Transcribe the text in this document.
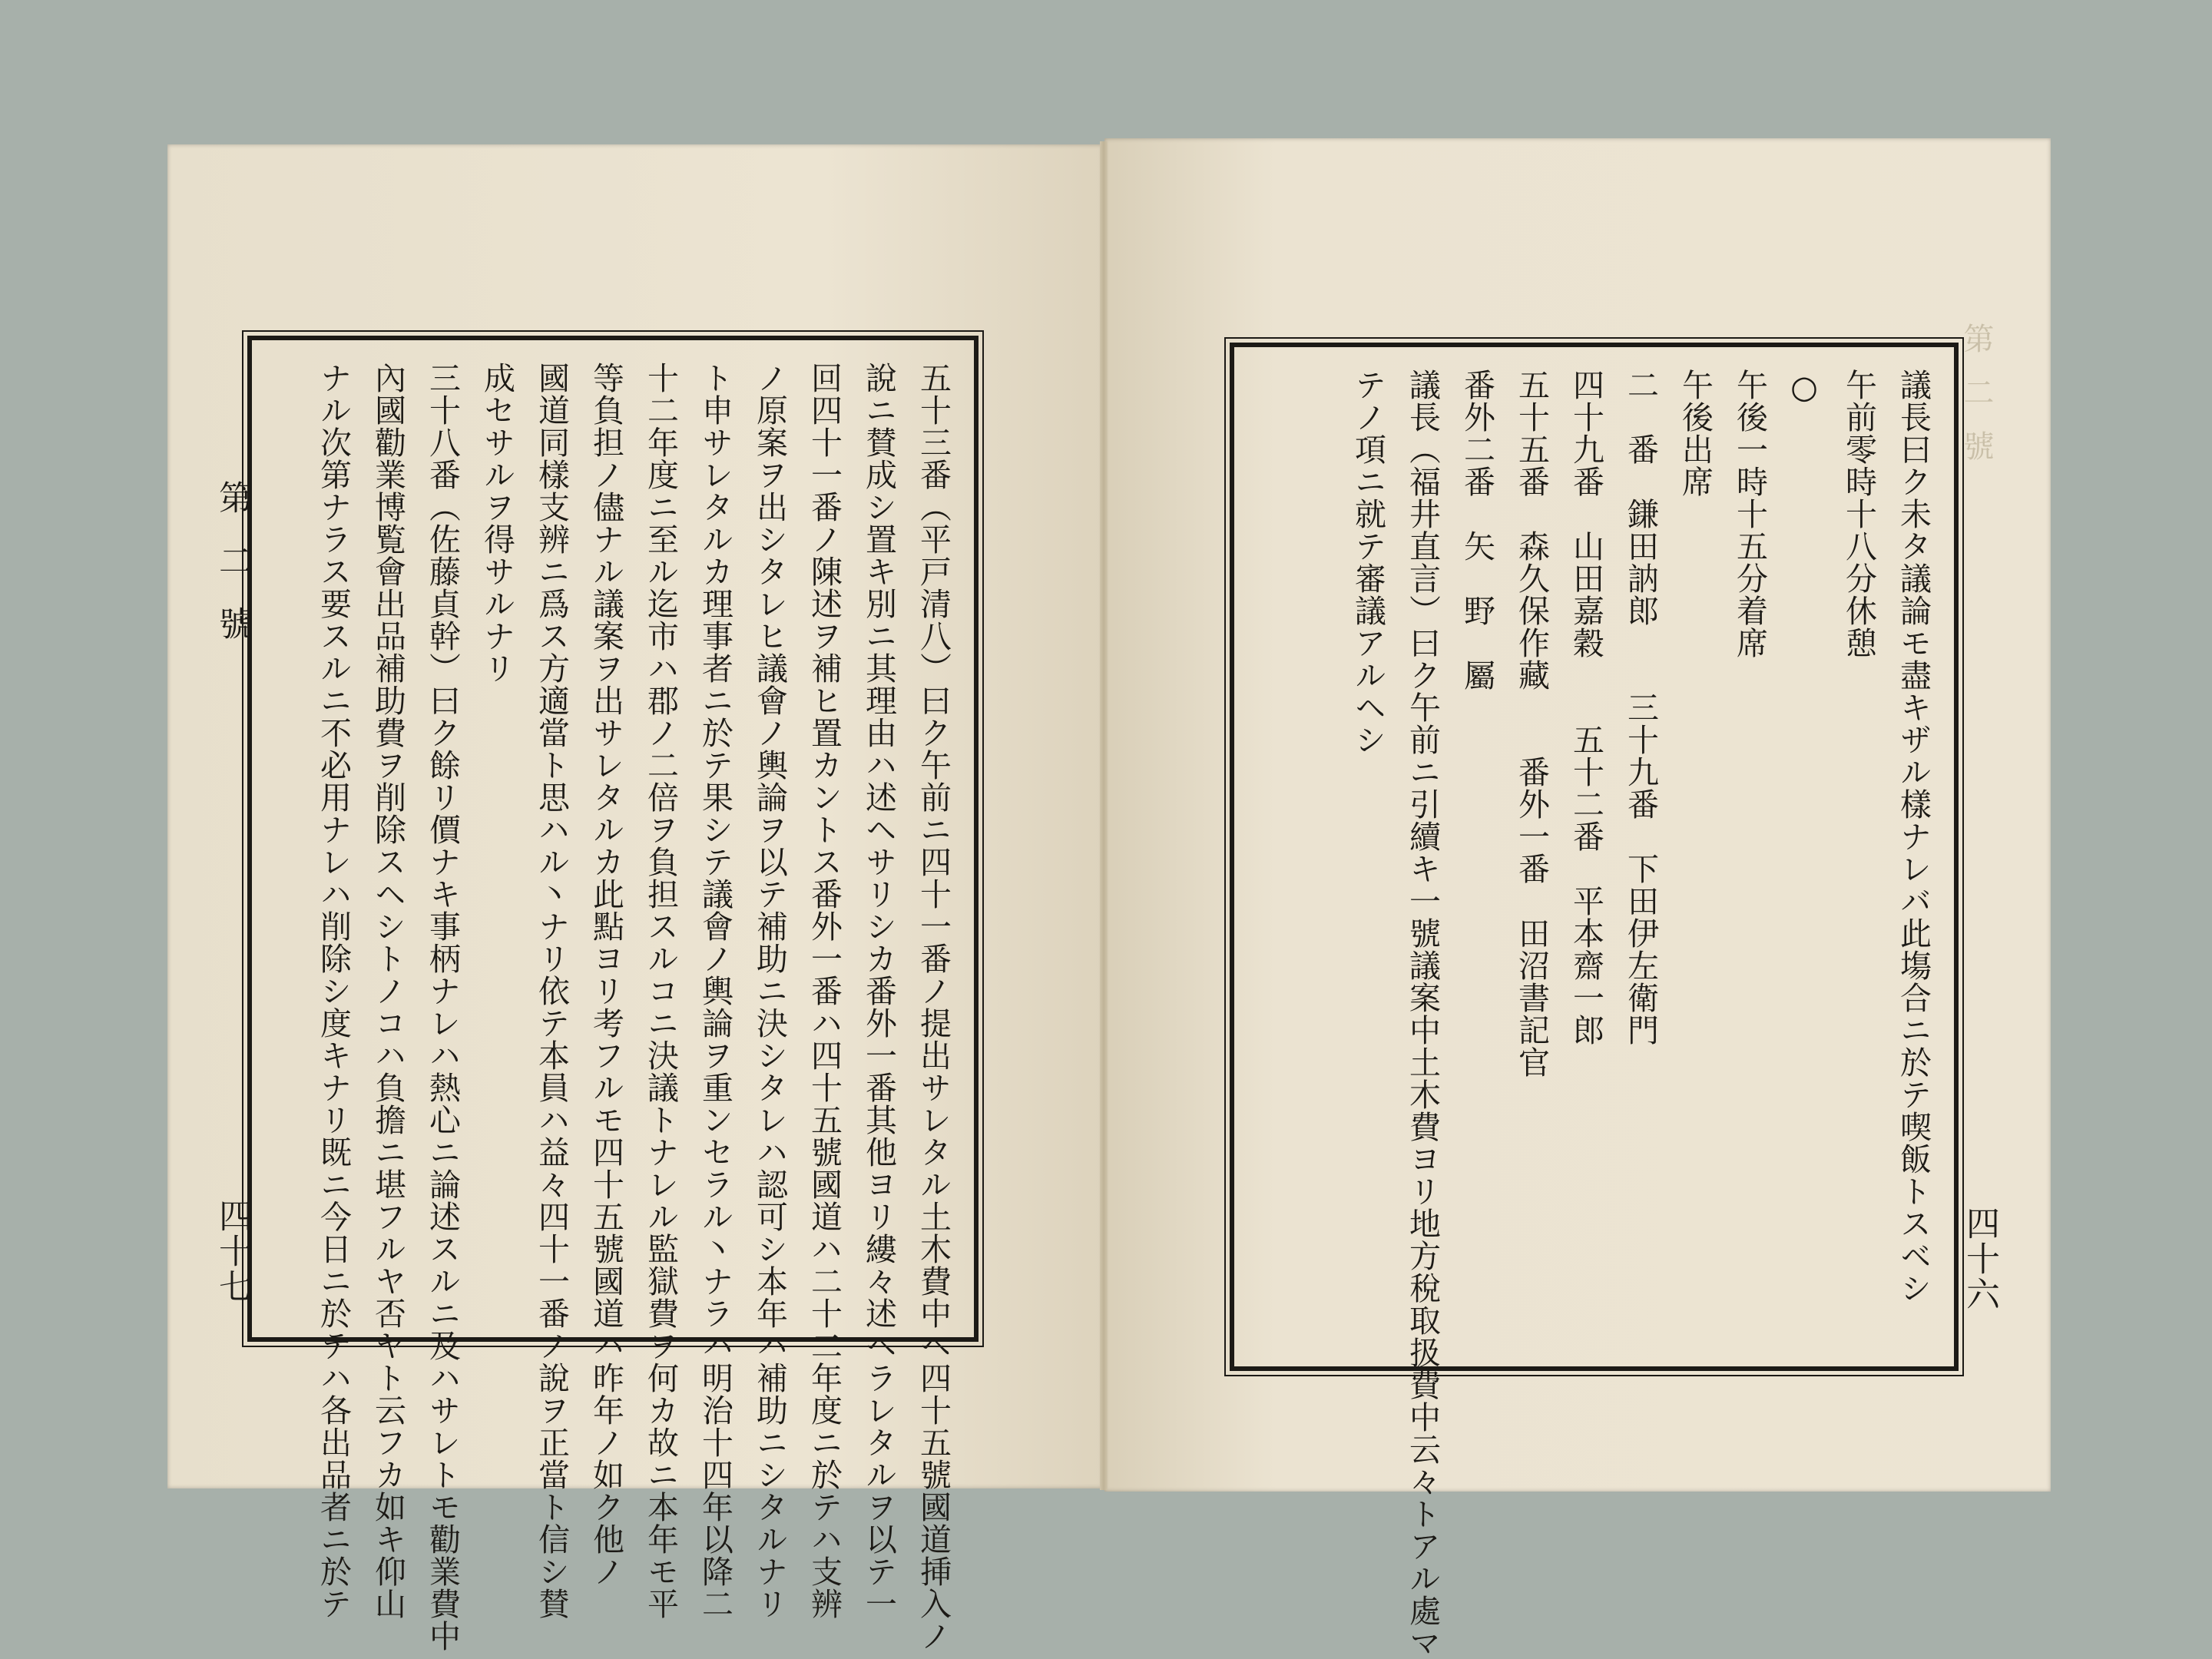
第二號
四十七	五十三番（平戸清八）曰ク午前ニ四十一番ノ提出サレタル土木費中ヘ四十五號國道挿入ノ
說ニ賛成シ置キ別ニ其理由ハ述ヘサリシカ番外一番其他ヨリ縷々述ヘラレタルヲ以テ一
回四十一番ノ陳述ヲ補ヒ置カントス番外一番ハ四十五號國道ハ二十二年度ニ於テハ支辨
ノ原案ヲ出シタレヒ議會ノ輿論ヲ以テ補助ニ決シタレハ認可シ本年ハ補助ニシタルナリ
ト申サレタルカ理事者ニ於テ果シテ議會ノ輿論ヲ重ンセラル丶ナラハ明治十四年以降二
十二年度ニ至ル迄市ハ郡ノ二倍ヲ負担スルコニ決議トナレル監獄費ヲ何カ故ニ本年モ平
等負担ノ儘ナル議案ヲ出サレタルカ此點ヨリ考フルモ四十五號國道ハ昨年ノ如ク他ノ
國道同樣支辨ニ爲ス方適當ト思ハル丶ナリ依テ本員ハ益々四十一番ノ說ヲ正當ト信シ賛
成セサルヲ得サルナリ
三十八番（佐藤貞幹）曰ク餘リ價ナキ事柄ナレハ熱心ニ論述スルニ及ハサレトモ勸業費中
內國勸業博覧會出品補助費ヲ削除スヘシトノコハ負擔ニ堪フルヤ否ヤト云フカ如キ仰山
ナル次第ナラス要スルニ不必用ナレハ削除シ度キナリ既ニ今日ニ於テハ各出品者ニ於テ	第二號
四十六
議長曰ク未タ議論モ盡キザル樣ナレバ此塲合ニ於テ喫飯トスベシ
午前零時十八分休憩
○
午後一時十五分着席
午後出席
二　番　鎌田訥郎　　三十九番　下田伊左衛門
四十九番　山田嘉穀　　五十二番　平本齋一郎
五十五番　森久保作藏　　番外一番　田沼書記官
番外二番　矢　野　屬
議長（福井直言）曰ク午前ニ引續キ一號議案中土木費ヨリ地方稅取扱費中云々トアル處マ
テノ項ニ就テ審議アルヘシ
